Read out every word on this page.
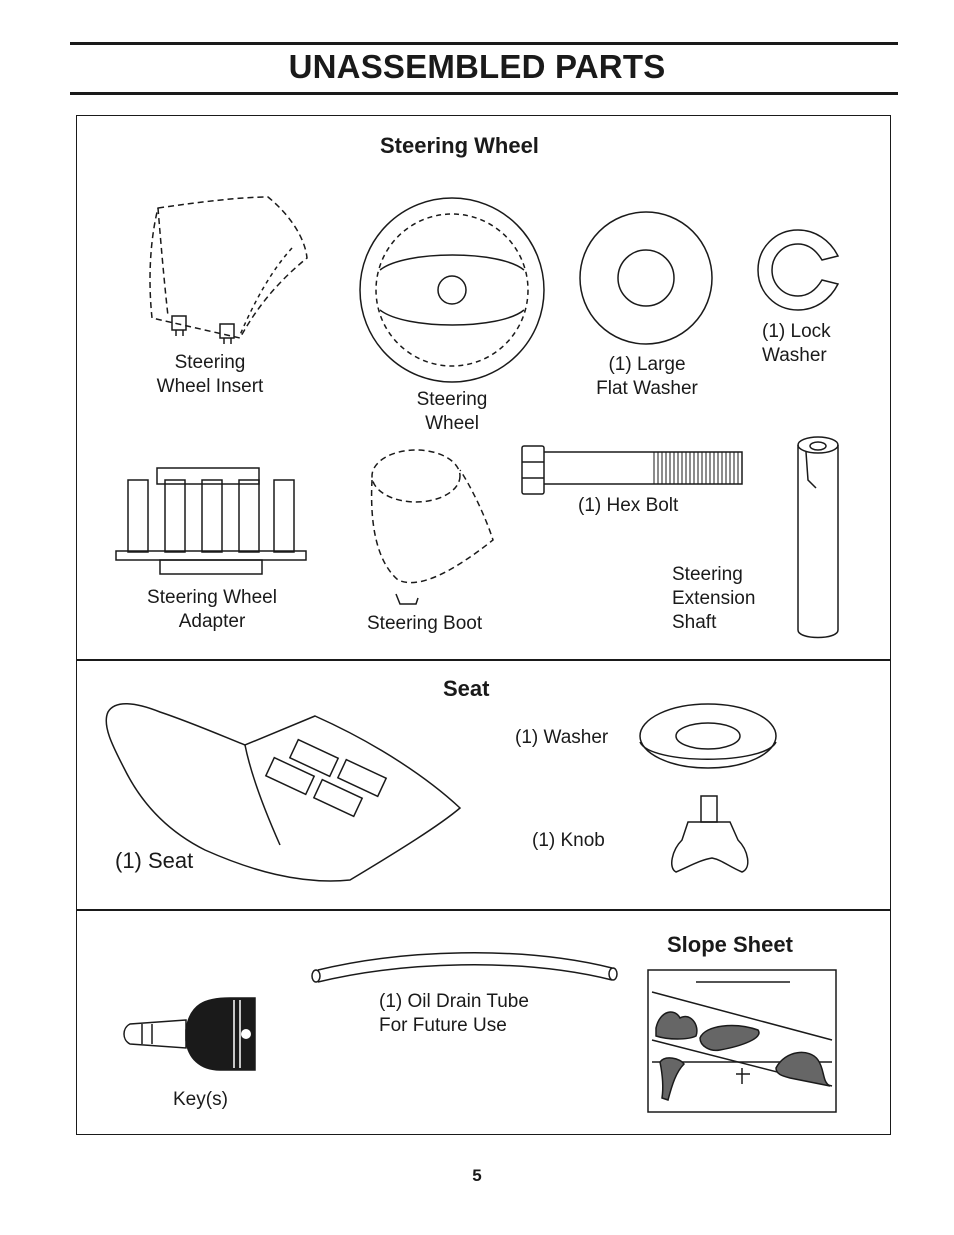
UNASSEMBLED PARTS
Steering Wheel
Seat
Slope Sheet
Steering
Wheel Insert
Steering
Wheel
(1) Large
Flat Washer
(1) Lock
Washer
Steering Wheel
Adapter	Steering Boot
(1) Hex Bolt
Steering
Extension
Shaft
(1) Seat
(1) Washer
(1) Knob
Key(s)
(1) Oil Drain Tube
For Future Use
5
